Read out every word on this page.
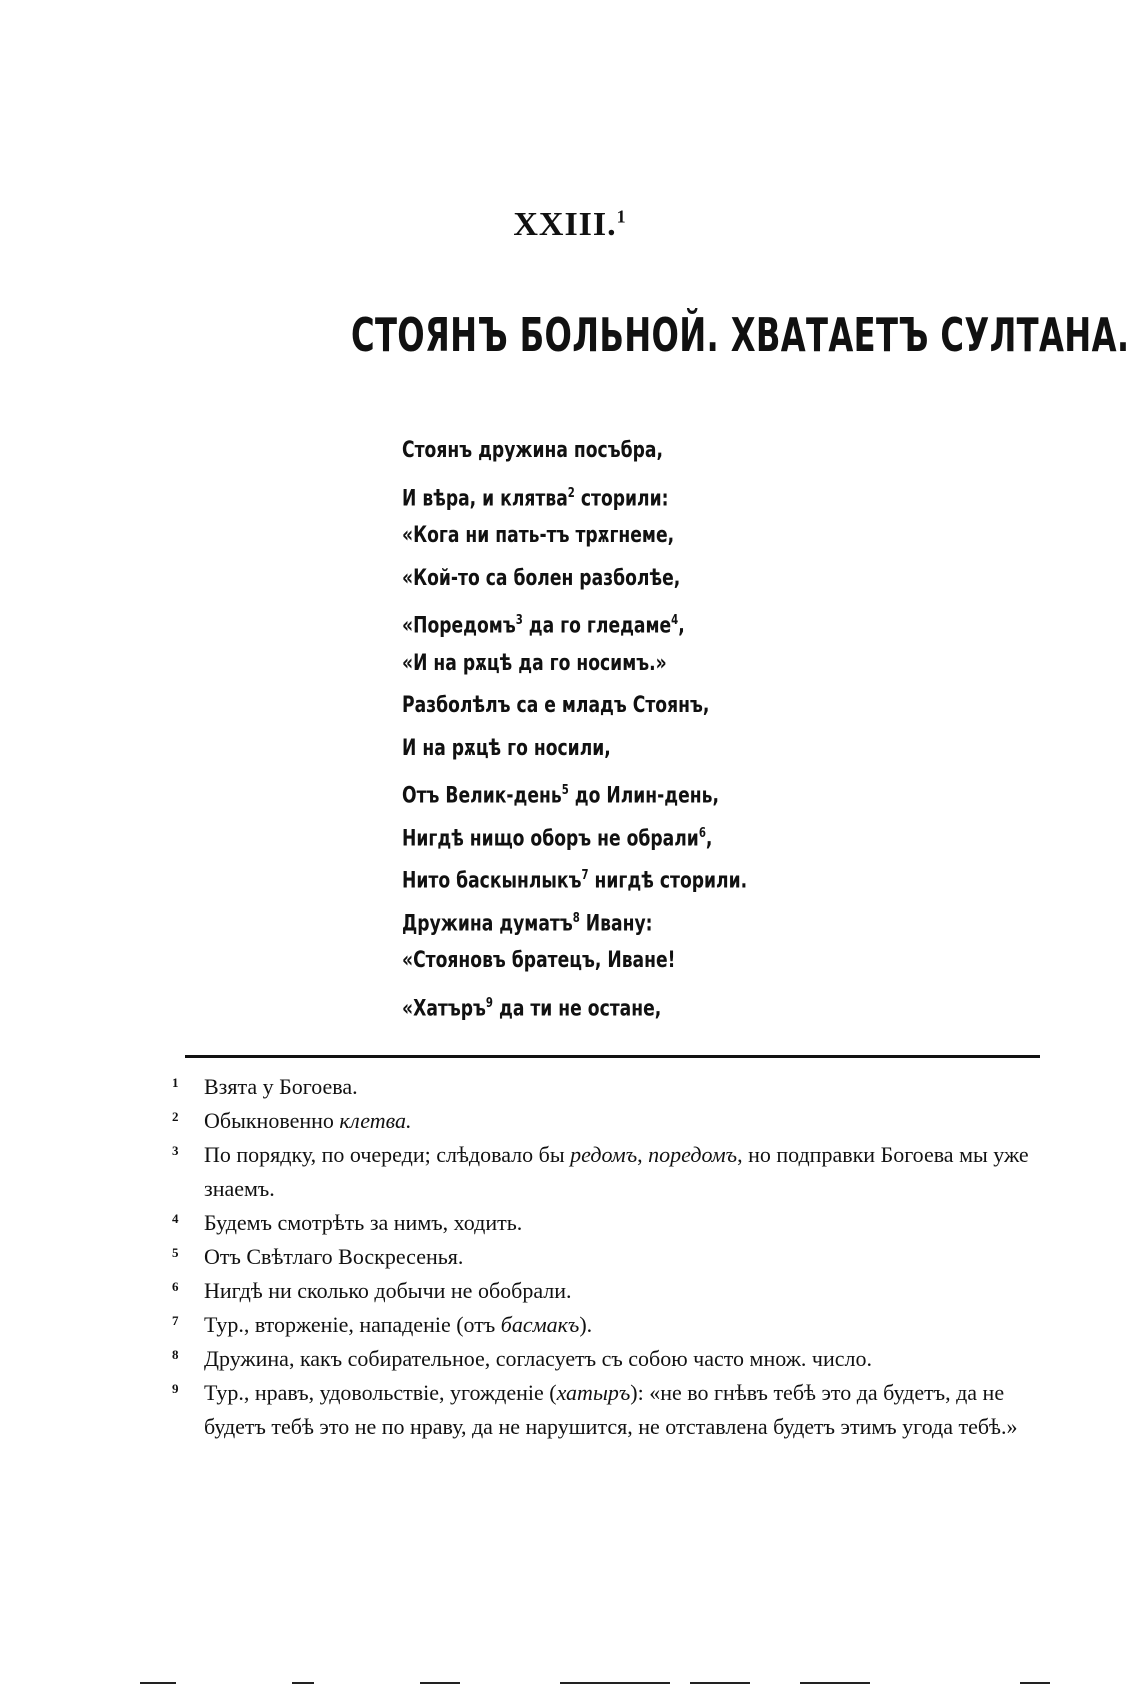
XXIII.$^1$
СТОЯНЪ БОЛЬНОЙ. ХВАТАЕТЪ СУЛТАНА.
Стоянъ дружина посъбра,
И вѣра, и клятва$^2$ сторили:
«Кога ни пать-тъ трѫгнеме,
«Кой-то са болен разболѣе,
«Поредомъ$^3$ да го гледаме$^4$,
«И на рѫцѣ да го носимъ.»
Разболѣлъ са е младъ Стоянъ,
И на рѫцѣ го носили,
Отъ Велик-день$^5$ до Илин-день,
Нигдѣ нищо оборъ не обрали$^6$,
Нито баскынлыкъ$^7$ нигдѣ сторили.
Дружина думатъ$^8$ Ивану:
«Стояновъ братецъ, Иване!
«Хатъръ$^9$ да ти не остане,
1 Взята у Богоева.
2 Обыкновенно клетва.
3 По порядку, по очереди; слѣдовало бы редомъ, поредомъ, но подправки Богоева мы уже знаемъ.
4 Будемъ смотрѣть за нимъ, ходить.
5 Отъ Свѣтлаго Воскресенья.
6 Нигдѣ ни сколько добычи не обобрали.
7 Тур., вторженіе, нападеніе (отъ басмакъ).
8 Дружина, какъ собирательное, согласуетъ съ собою часто множ. число.
9 Тур., нравъ, удовольствіе, угожденіе (хатыръ): «не во гнѣвъ тебѣ это да будетъ, да не будетъ тебѣ это не по нраву, да не нарушится, не отставлена будетъ этимъ угода тебѣ.»
